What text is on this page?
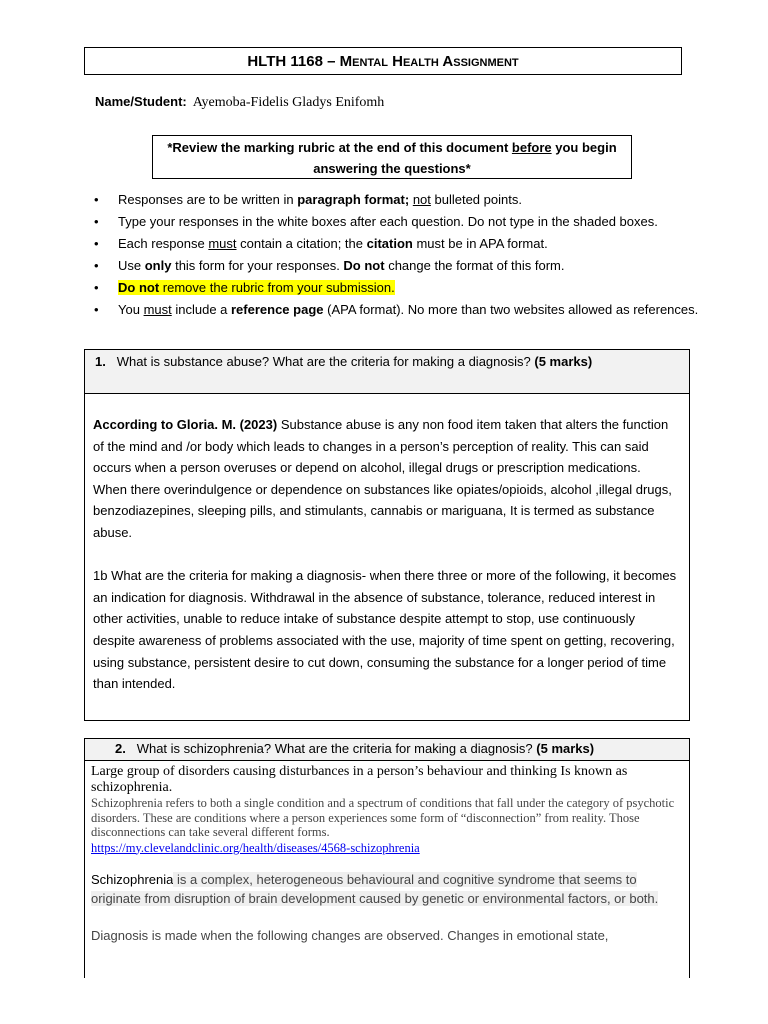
HLTH 1168 – Mental Health Assignment
Name/Student: Ayemoba-Fidelis Gladys Enifomh
*Review the marking rubric at the end of this document before you begin answering the questions*
• Responses are to be written in paragraph format; not bulleted points.
• Type your responses in the white boxes after each question. Do not type in the shaded boxes.
• Each response must contain a citation; the citation must be in APA format.
• Use only this form for your responses. Do not change the format of this form.
• Do not remove the rubric from your submission.
• You must include a reference page (APA format). No more than two websites allowed as references.
1. What is substance abuse? What are the criteria for making a diagnosis? (5 marks)

According to Gloria. M. (2023) Substance abuse is any non food item taken that alters the function of the mind and /or body which leads to changes in a person’s perception of reality. This can said occurs when a person overuses or depend on alcohol, illegal drugs or prescription medications.

When there overindulgence or dependence on substances like opiates/opioids, alcohol ,illegal drugs, benzodiazepines, sleeping pills, and stimulants, cannabis or mariguana, It is termed as substance abuse.

1b What are the criteria for making a diagnosis- when there three or more of the following, it becomes an indication for diagnosis. Withdrawal in the absence of substance, tolerance, reduced interest in other activities, unable to reduce intake of substance despite attempt to stop, use continuously despite awareness of problems associated with the use, majority of time spent on getting, recovering, using substance, persistent desire to cut down, consuming the substance for a longer period of time than intended.

2. What is schizophrenia? What are the criteria for making a diagnosis? (5 marks)

Large group of disorders causing disturbances in a person’s behaviour and thinking Is known as schizophrenia.

Schizophrenia refers to both a single condition and a spectrum of conditions that fall under the category of psychotic disorders. These are conditions where a person experiences some form of “disconnection” from reality. Those disconnections can take several different forms.

https://my.clevelandclinic.org/health/diseases/4568-schizophrenia

Schizophrenia is a complex, heterogeneous behavioural and cognitive syndrome that seems to originate from disruption of brain development caused by genetic or environmental factors, or both.

Diagnosis is made when the following changes are observed. Changes in emotional state,
